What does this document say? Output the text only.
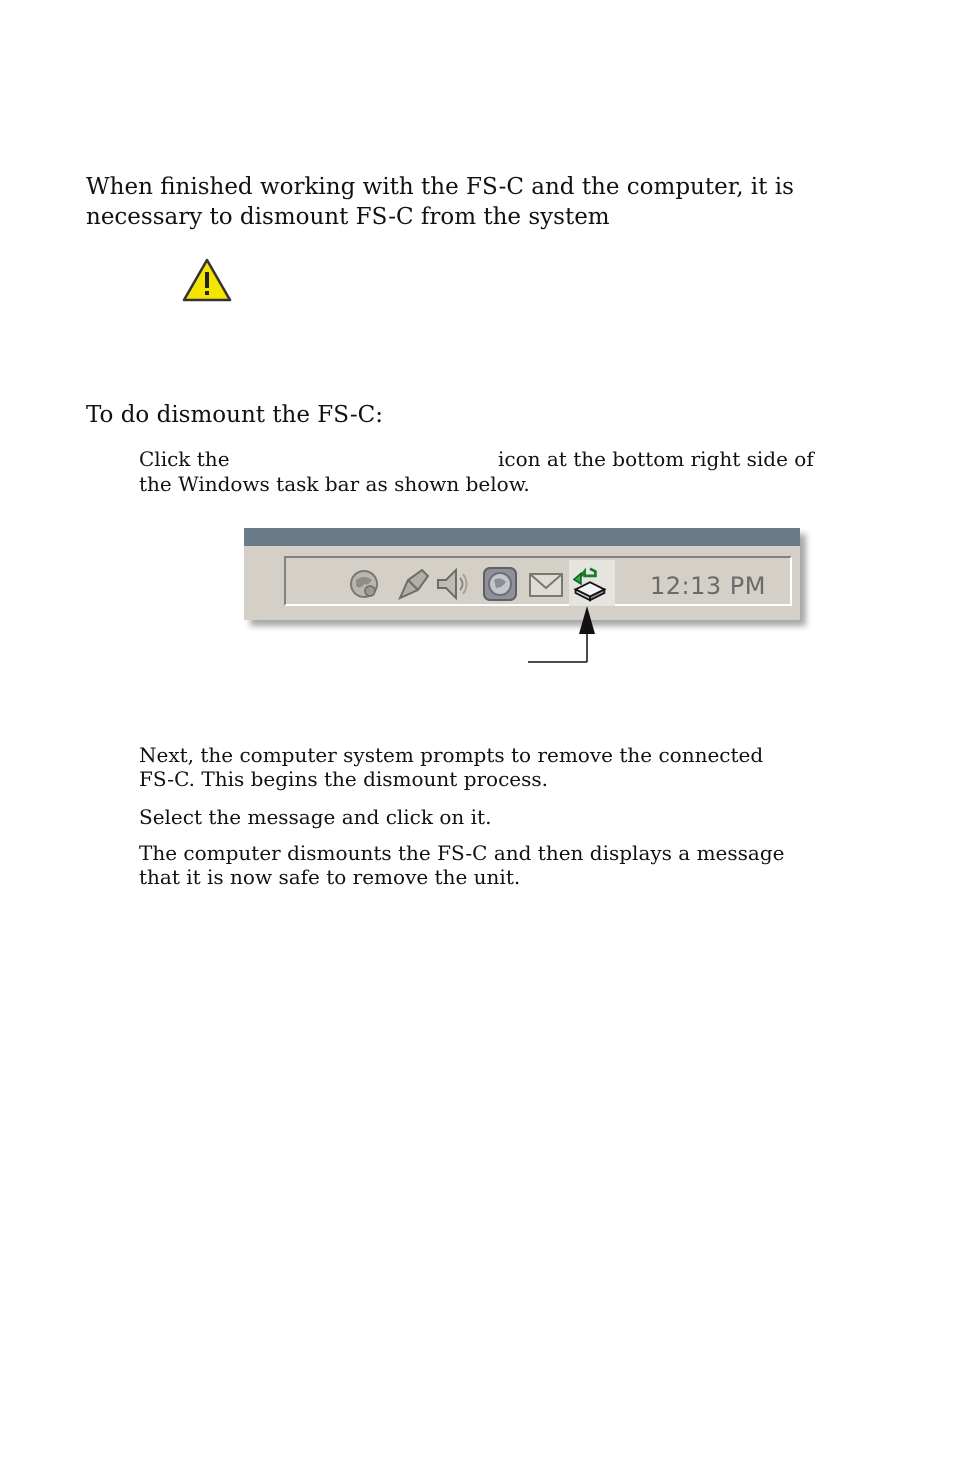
When finished working with the FS-C and the computer, it is

necessary to dismount FS-C from the system

To do dismount the FS-C:

Click the	icon at the bottom right side of

the Windows task bar as shown below.

12:13 PM

Next, the computer system prompts to remove the connected

FS-C. This begins the dismount process.

Select the message and click on it.

The computer dismounts the FS-C and then displays a message

that it is now safe to remove the unit.
